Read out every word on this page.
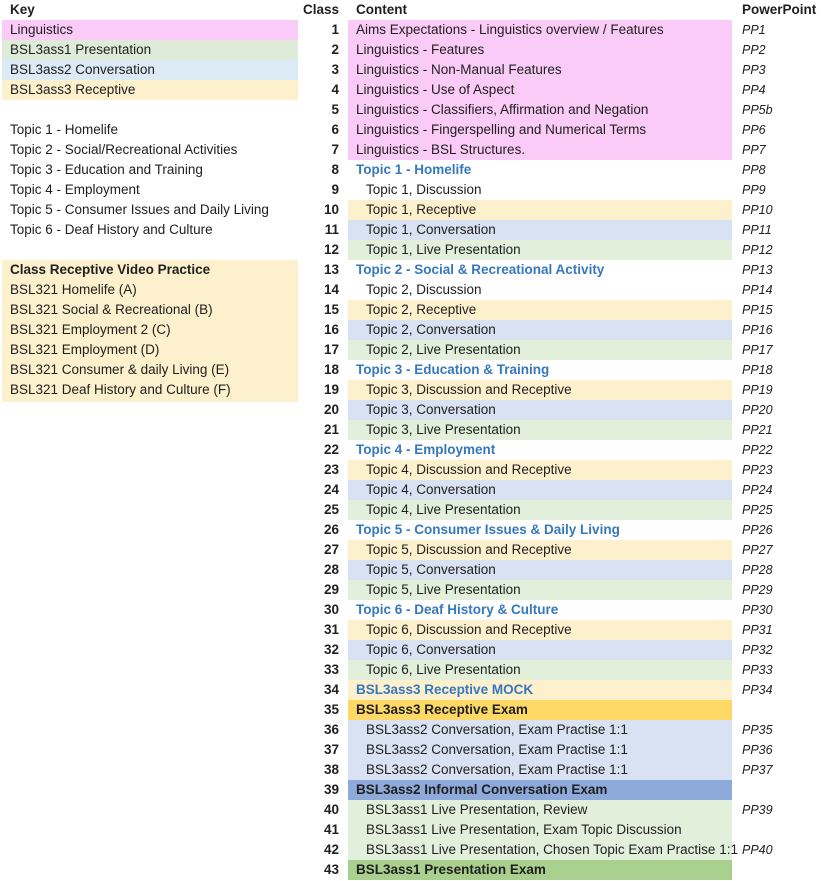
Key	Class	Content	PowerPoint
Linguistics
BSL3ass1 Presentation
BSL3ass2 Conversation
BSL3ass3 Receptive
Topic 1 - Homelife
Topic 2 - Social/Recreational Activities
Topic 3 - Education and Training
Topic 4 - Employment
Topic 5 - Consumer Issues and Daily Living
Topic 6 - Deaf History and Culture
Class Receptive Video Practice
BSL321 Homelife (A)
BSL321 Social & Recreational (B)
BSL321 Employment 2 (C)
BSL321 Employment (D)
BSL321 Consumer & daily Living (E)
BSL321 Deaf History and Culture (F)
1	Aims Expectations - Linguistics overview / Features	PP1
2	Linguistics - Features	PP2
3	Linguistics - Non-Manual Features	PP3
4	Linguistics - Use of Aspect	PP4
5	Linguistics - Classifiers, Affirmation and Negation	PP5b
6	Linguistics - Fingerspelling and Numerical Terms	PP6
7	Linguistics - BSL Structures.	PP7
8	Topic 1 - Homelife	PP8
9	Topic 1, Discussion	PP9
10	Topic 1, Receptive	PP10
11	Topic 1, Conversation	PP11
12	Topic 1, Live Presentation	PP12
13	Topic 2 - Social & Recreational Activity	PP13
14	Topic 2, Discussion	PP14
15	Topic 2, Receptive	PP15
16	Topic 2, Conversation	PP16
17	Topic 2, Live Presentation	PP17
18	Topic 3 - Education & Training	PP18
19	Topic 3, Discussion and Receptive	PP19
20	Topic 3, Conversation	PP20
21	Topic 3, Live Presentation	PP21
22	Topic 4 - Employment	PP22
23	Topic 4, Discussion and Receptive	PP23
24	Topic 4, Conversation	PP24
25	Topic 4, Live Presentation	PP25
26	Topic 5 - Consumer Issues & Daily Living	PP26
27	Topic 5, Discussion and Receptive	PP27
28	Topic 5, Conversation	PP28
29	Topic 5, Live Presentation	PP29
30	Topic 6 - Deaf History & Culture	PP30
31	Topic 6, Discussion and Receptive	PP31
32	Topic 6, Conversation	PP32
33	Topic 6, Live Presentation	PP33
34	BSL3ass3 Receptive MOCK	PP34
35	BSL3ass3 Receptive Exam
36	BSL3ass2 Conversation, Exam Practise 1:1	PP35
37	BSL3ass2 Conversation, Exam Practise 1:1	PP36
38	BSL3ass2 Conversation, Exam Practise 1:1	PP37
39	BSL3ass2 Informal Conversation Exam
40	BSL3ass1 Live Presentation, Review	PP39
41	BSL3ass1 Live Presentation, Exam Topic Discussion
42	BSL3ass1 Live Presentation, Chosen Topic Exam Practise 1:1 PP40
43	BSL3ass1 Presentation Exam
